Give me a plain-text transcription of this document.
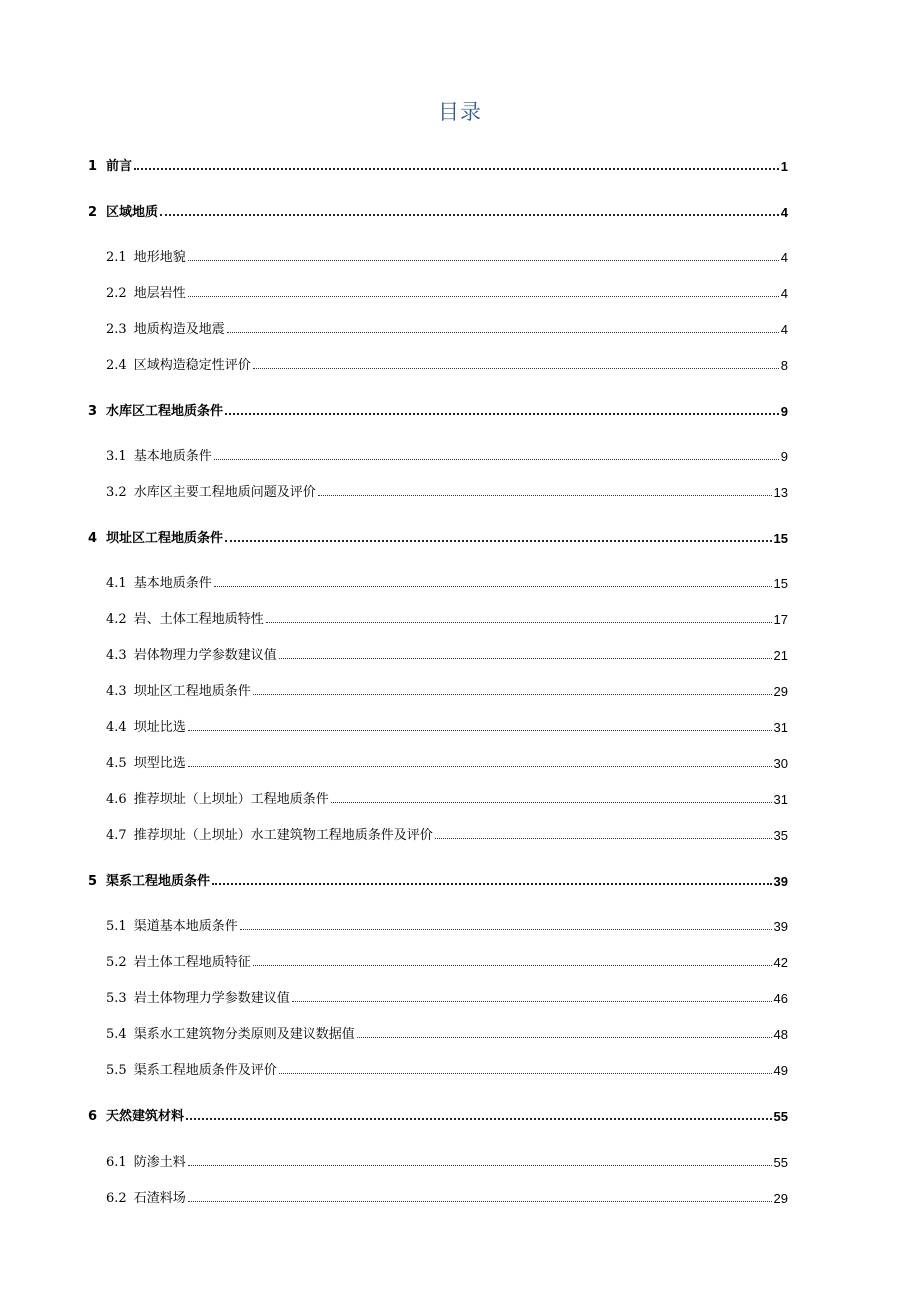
目录
1 前言	1
2 区域地质	4
2.1 地形地貌	4
2.2 地层岩性	4
2.3 地质构造及地震	4
2.4 区域构造稳定性评价	8
3 水库区工程地质条件	9
3.1 基本地质条件	9
3.2 水库区主要工程地质问题及评价	13
4 坝址区工程地质条件	15
4.1 基本地质条件	15
4.2 岩、土体工程地质特性	17
4.3 岩体物理力学参数建议值	21
4.3 坝址区工程地质条件	29
4.4 坝址比选	31
4.5 坝型比选	30
4.6 推荐坝址（上坝址）工程地质条件	31
4.7 推荐坝址（上坝址）水工建筑物工程地质条件及评价	35
5 渠系工程地质条件	39
5.1 渠道基本地质条件	39
5.2 岩土体工程地质特征	42
5.3 岩土体物理力学参数建议值	46
5.4 渠系水工建筑物分类原则及建议数据值	48
5.5 渠系工程地质条件及评价	49
6 天然建筑材料	55
6.1 防渗土料	55
6.2 石渣料场	29
